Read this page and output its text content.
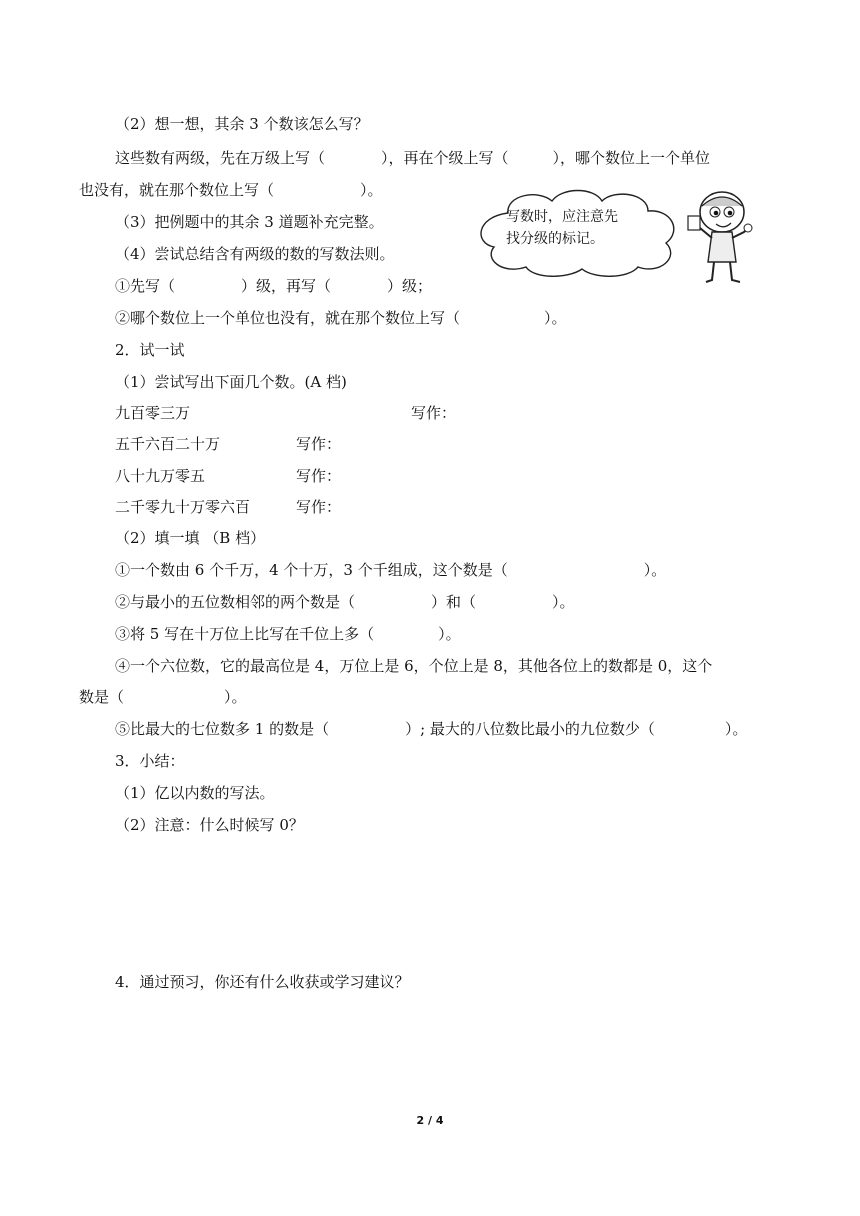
（2）想一想，其余 3 个数该怎么写？
这些数有两级，先在万级上写（	），再在个级上写（	），哪个数位上一个单位
也没有，就在那个数位上写（	）。
（3）把例题中的其余 3 道题补充完整。
（4）尝试总结含有两级的数的写数法则。
①先写（	）级，再写（	）级；
②哪个数位上一个单位也没有，就在那个数位上写（	）。
写数时，应注意先
找分级的标记。
2．试一试
（1）尝试写出下面几个数。(A 档)
九百零三万	写作：
五千六百二十万	写作：
八十九万零五	写作：
二千零九十万零六百	写作：
（2）填一填 （B 档）
①一个数由 6 个千万，4 个十万，3 个千组成，这个数是（	）。
②与最小的五位数相邻的两个数是（	）和（	）。
③将 5 写在十万位上比写在千位上多（	）。
④一个六位数，它的最高位是 4，万位上是 6，个位上是 8，其他各位上的数都是 0，这个
数是（	）。
⑤比最大的七位数多 1 的数是（	）; 最大的八位数比最小的九位数少（	）。
3．小结：
（1）亿以内数的写法。
（2）注意：什么时候写 0？
4．通过预习，你还有什么收获或学习建议？
2 / 4
